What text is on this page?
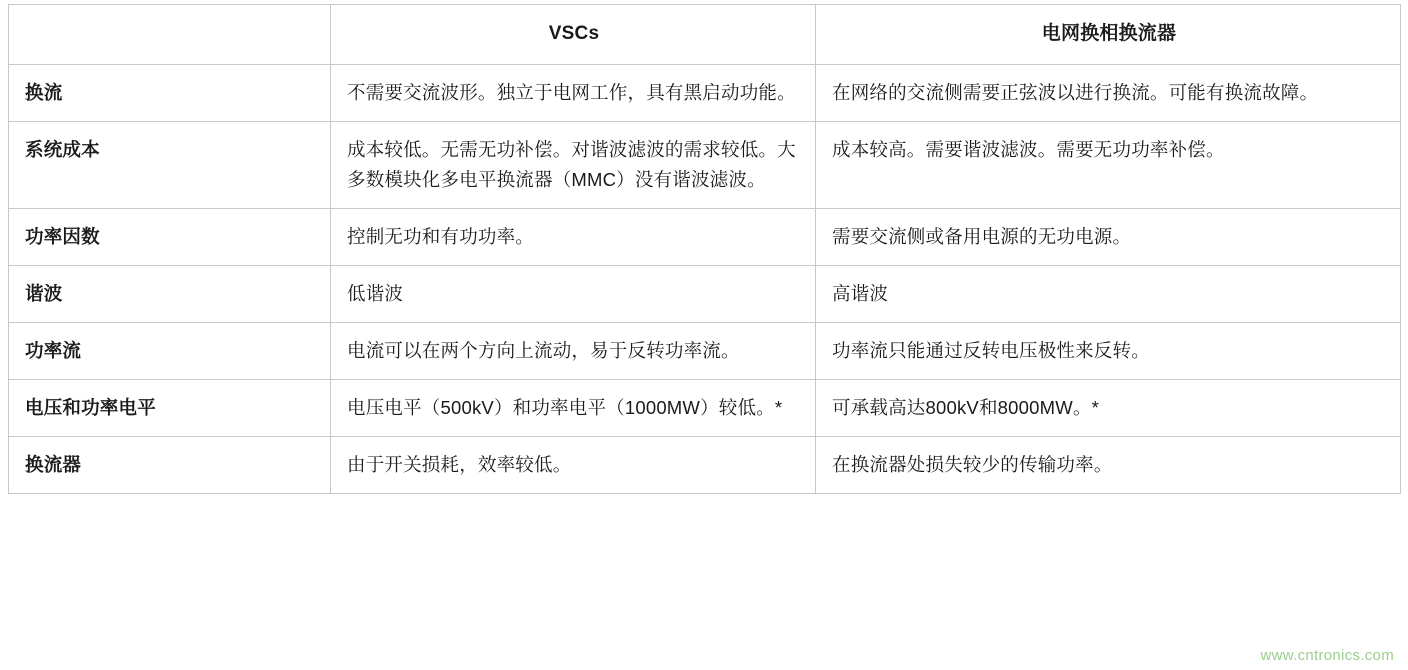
	VSCs	电网换相换流器
换流	不需要交流波形。独立于电网工作，具有黑启动功能。	在网络的交流侧需要正弦波以进行换流。可能有换流故障。
系统成本	成本较低。无需无功补偿。对谐波滤波的需求较低。大多数模块化多电平换流器（MMC）没有谐波滤波。	成本较高。需要谐波滤波。需要无功功率补偿。
功率因数	控制无功和有功功率。	需要交流侧或备用电源的无功电源。
谐波	低谐波	高谐波
功率流	电流可以在两个方向上流动，易于反转功率流。	功率流只能通过反转电压极性来反转。
电压和功率电平	电压电平（500kV）和功率电平（1000MW）较低。*	可承载高达800kV和8000MW。*
换流器	由于开关损耗，效率较低。	在换流器处损失较少的传输功率。
www.cntronics.com
